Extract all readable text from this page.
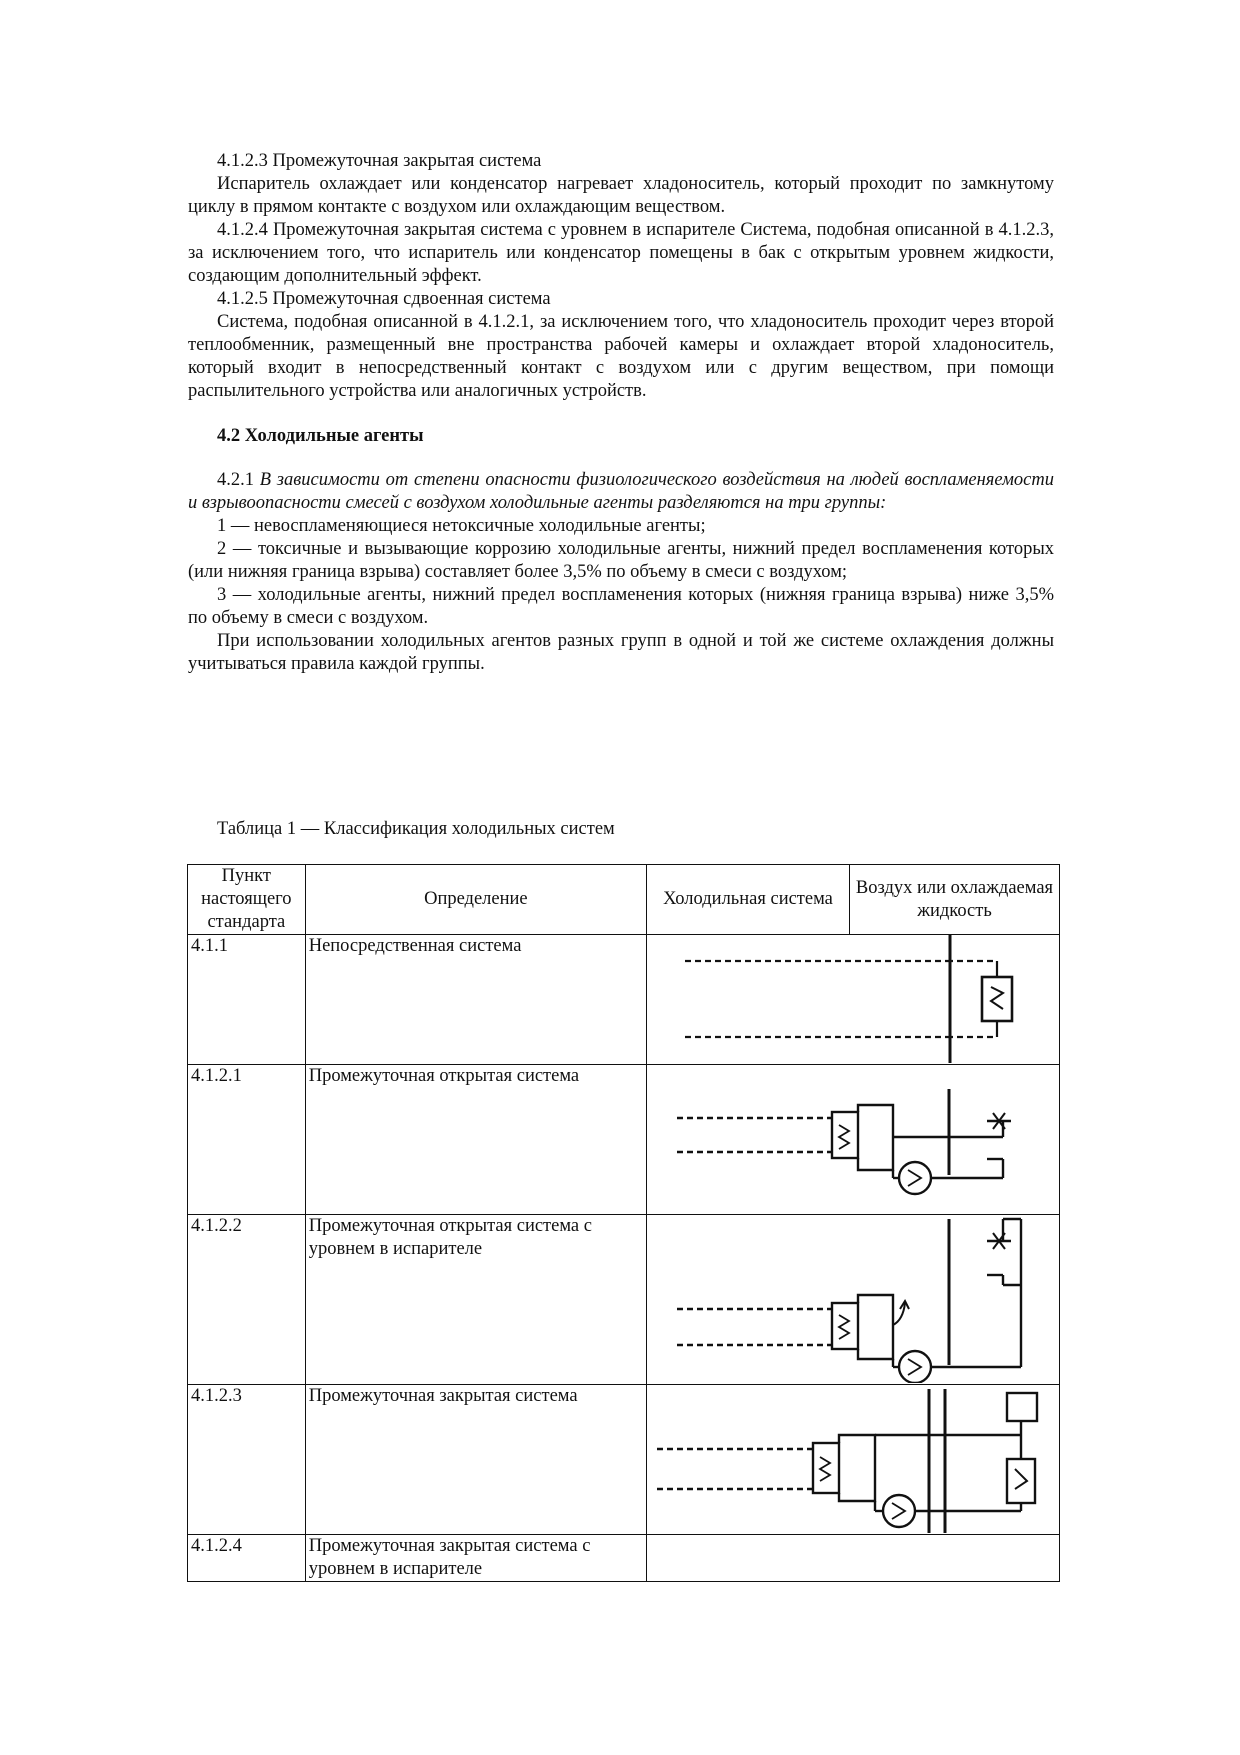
4.1.2.3 Промежуточная закрытая система

Испаритель охлаждает или конденсатор нагревает хладоноситель, который проходит по замкнутому циклу в прямом контакте с воздухом или охлаждающим веществом.

4.1.2.4 Промежуточная закрытая система с уровнем в испарителе Система, подобная описанной в 4.1.2.3, за исключением того, что испаритель или конденсатор помещены в бак с открытым уровнем жидкости, создающим дополнительный эффект.

4.1.2.5 Промежуточная сдвоенная система

Система, подобная описанной в 4.1.2.1, за исключением того, что хладоноситель проходит через второй теплообменник, размещенный вне пространства рабочей камеры и охлаждает второй хладоноситель, который входит в непосредственный контакт с воздухом или с другим веществом, при помощи распылительного устройства или аналогичных устройств.

4.2 Холодильные агенты

4.2.1 В зависимости от степени опасности физиологического воздействия на людей воспламеняемости и взрывоопасности смесей с воздухом холодильные агенты разделяются на три группы:

1 — невоспламеняющиеся нетоксичные холодильные агенты;

2 — токсичные и вызывающие коррозию холодильные агенты, нижний предел воспламенения которых (или нижняя граница взрыва) составляет более 3,5% по объему в смеси с воздухом;

3 — холодильные агенты, нижний предел воспламенения которых (нижняя граница взрыва) ниже 3,5% по объему в смеси с воздухом.

При использовании холодильных агентов разных групп в одной и той же системе охлаждения должны учитываться правила каждой группы.

Таблица 1 — Классификация холодильных систем
Пункт настоящего стандарта	Определение	Холодильная система	Воздух или охлаждаемая жидкость
4.1.1	Непосредственная система	

4.1.2.1	Промежуточная открытая система	

4.1.2.2	Промежуточная открытая система с уровнем в испарителе	

4.1.2.3	Промежуточная закрытая система	

4.1.2.4	Промежуточная закрытая система с уровнем в испарителе		
